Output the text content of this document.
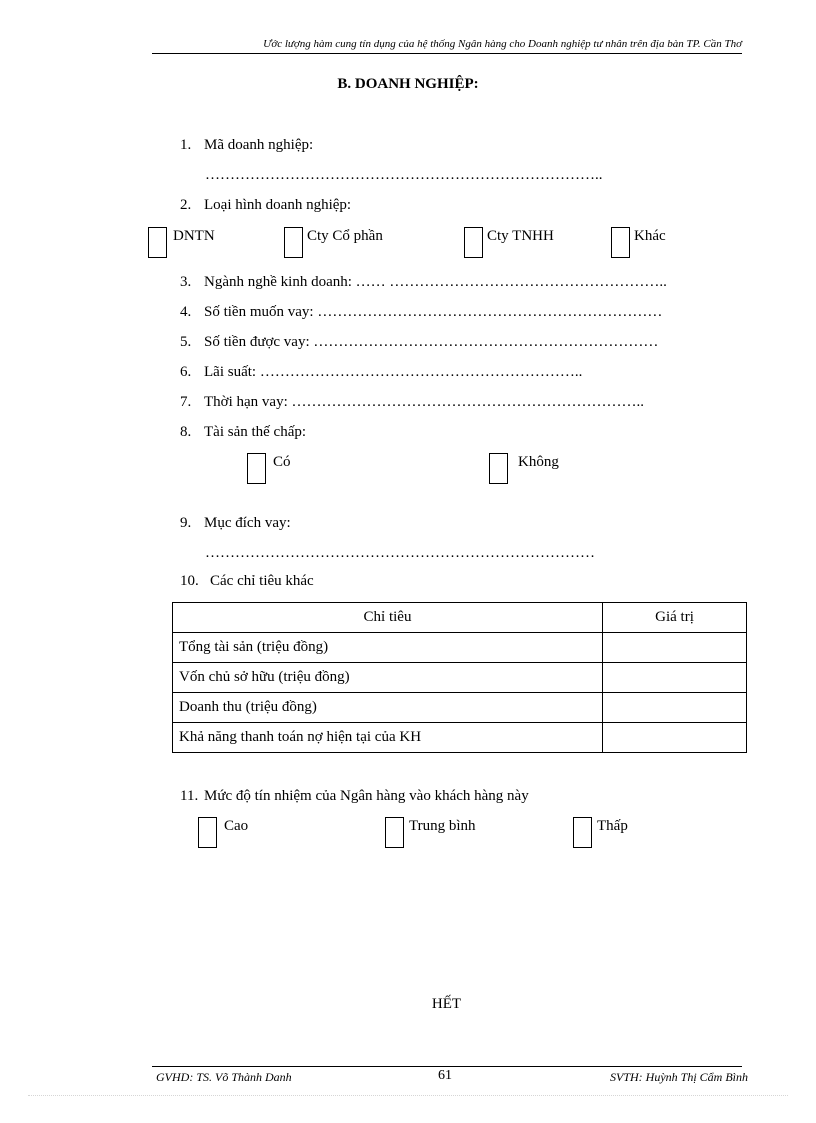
Ước lượng hàm cung tín dụng của hệ thống Ngân hàng cho Doanh nghiệp tư nhân trên địa bàn TP. Cần Thơ
B. DOANH NGHIỆP:
1. Mã doanh nghiệp:
……………………………………………………………………..
2. Loại hình doanh nghiệp:
DNTN	Cty Cổ phần	Cty TNHH	Khác
3. Ngành nghề kinh doanh: …… ………………………………………………..
4. Số tiền muốn vay: ……………………………………………………………
5. Số tiền được vay: ……………………………………………………………
6. Lãi suất: ………………………………………………………..
7. Thời hạn vay: ……………………………………………………………..
8. Tài sản thế chấp:
Có	Không
9. Mục đích vay:
……………………………………………………………………
10. Các chỉ tiêu khác
Chỉ tiêu	Giá trị
Tổng tài sản (triệu đồng)	
Vốn chủ sở hữu (triệu đồng)	
Doanh thu (triệu đồng)	
Khả năng thanh toán nợ hiện tại của KH	
11. Mức độ tín nhiệm của Ngân hàng vào khách hàng này
Cao	Trung bình	Thấp
HẾT
GVHD: TS. Võ Thành Danh	61	SVTH: Huỳnh Thị Cẩm Bình
